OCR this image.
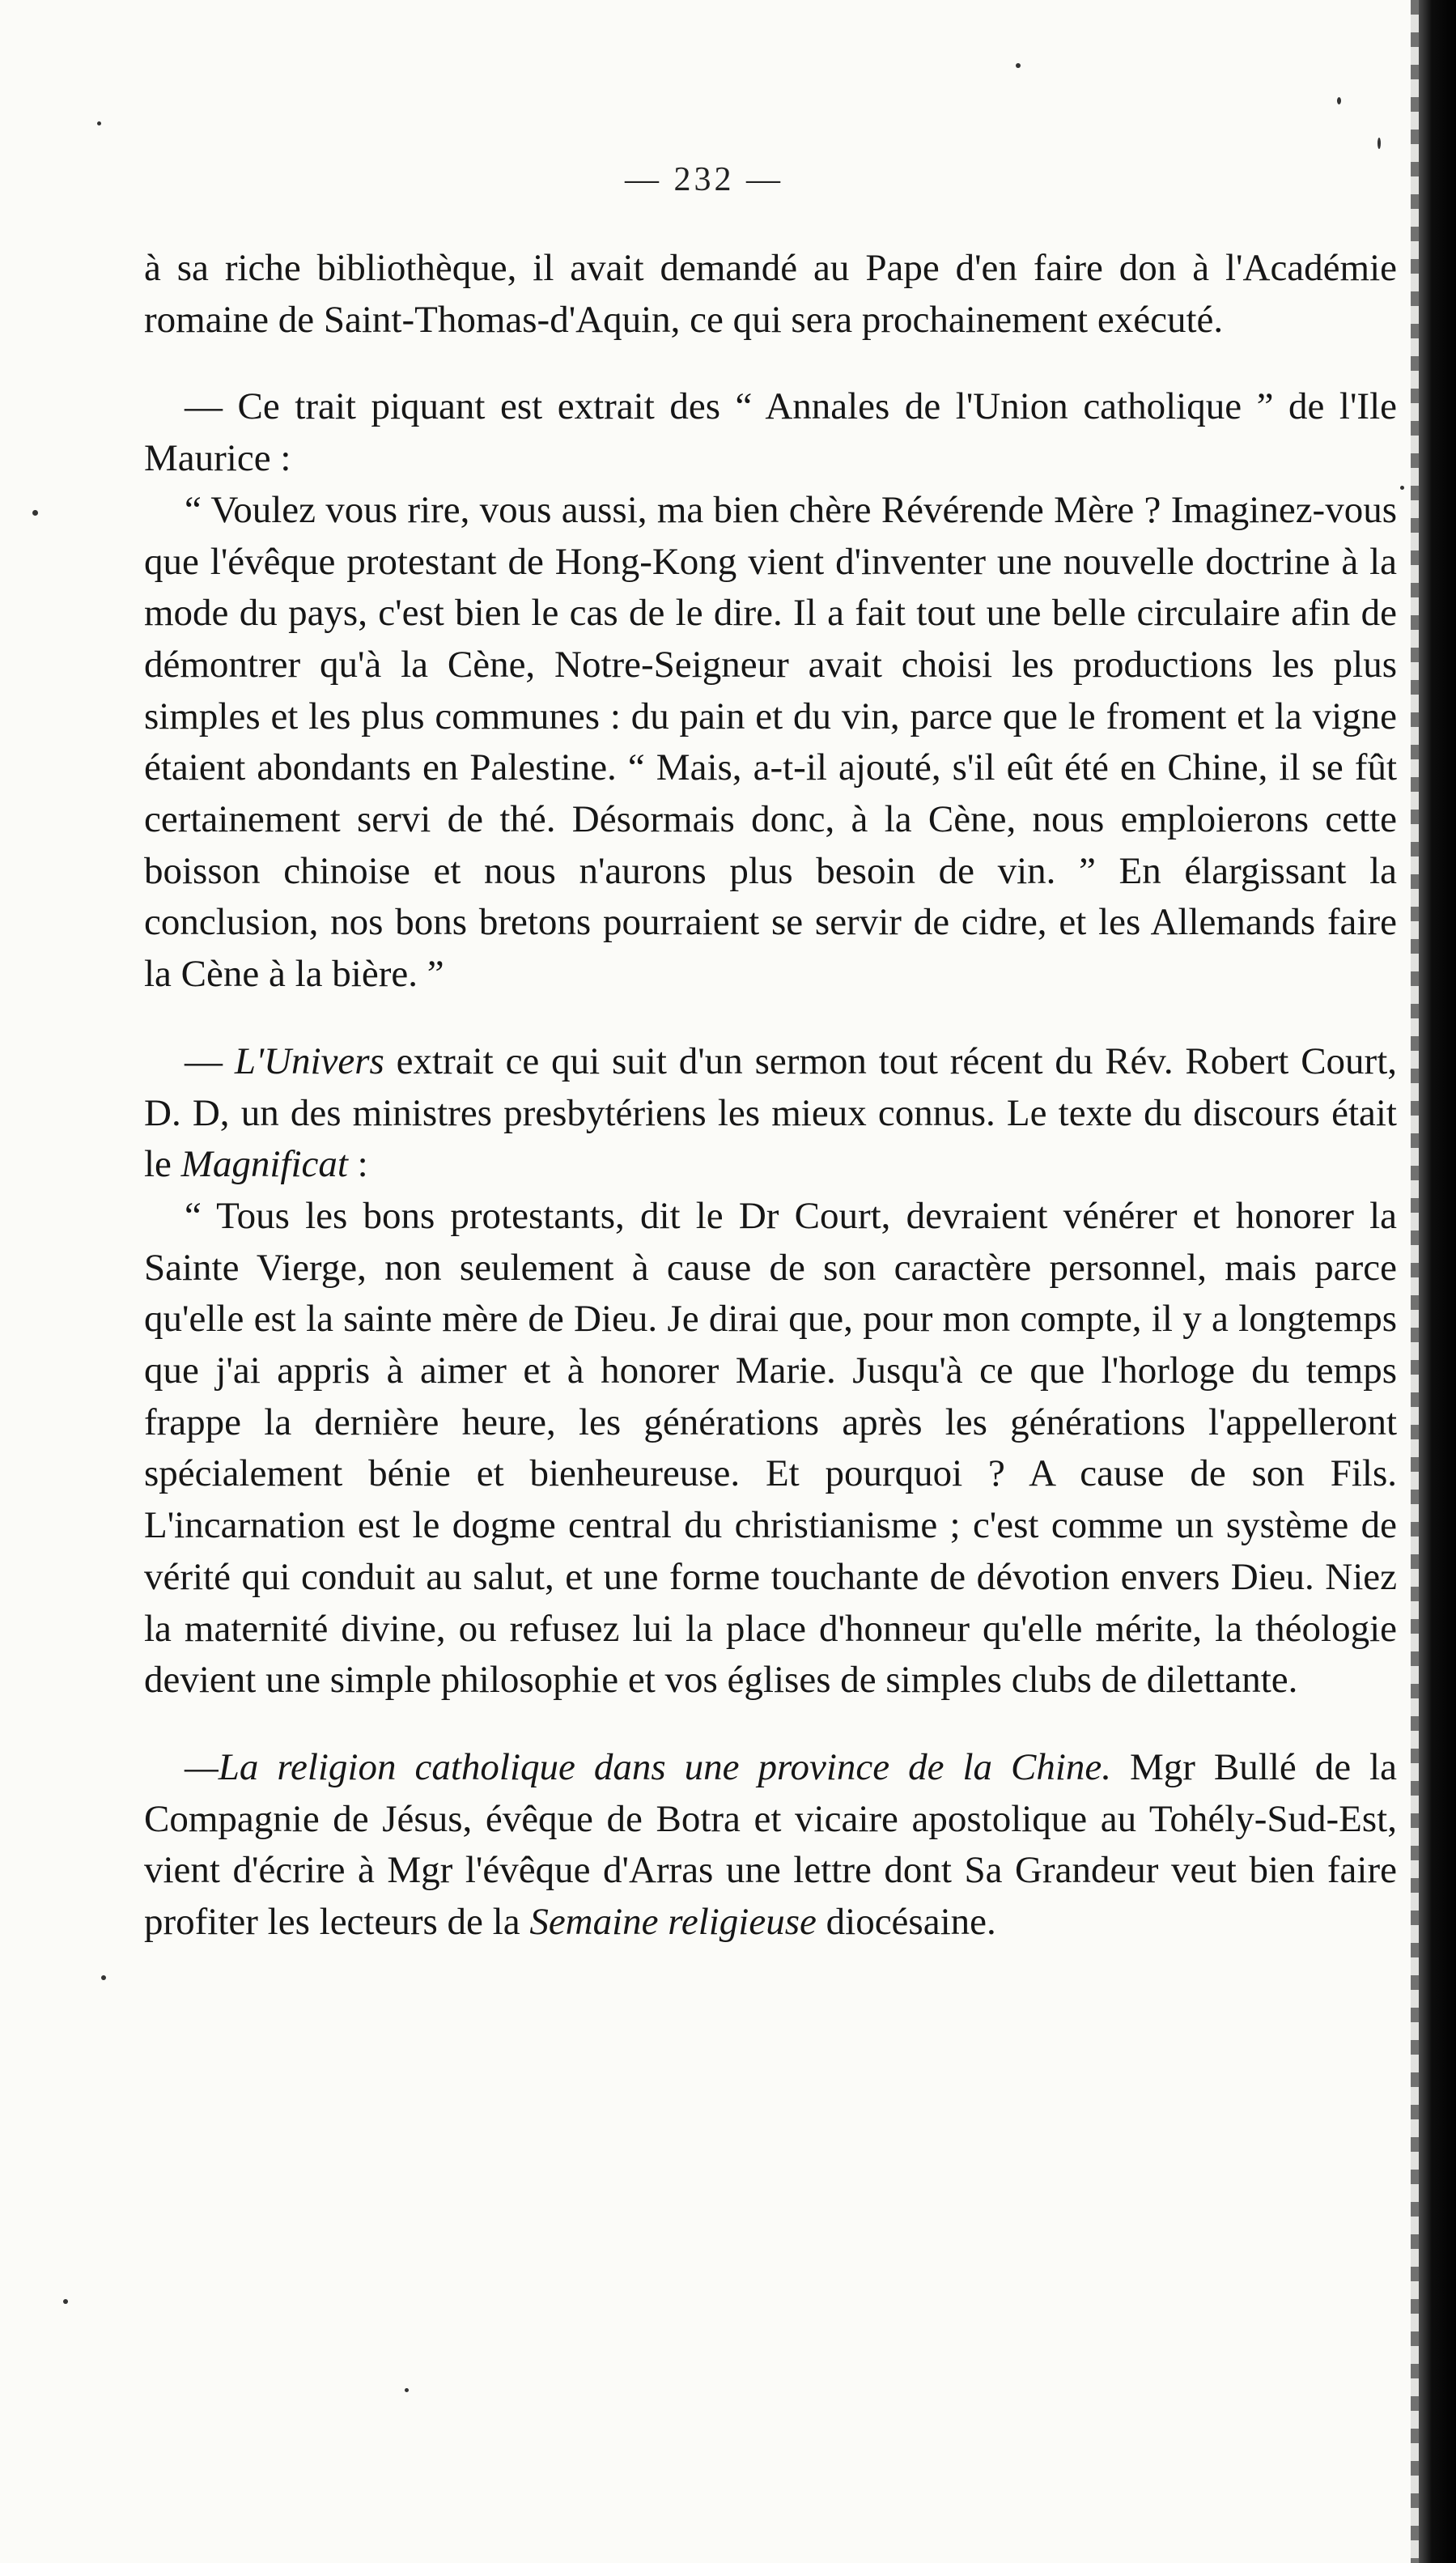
— 232 —

à sa riche bibliothèque, il avait demandé au Pape d'en faire don à l'Académie romaine de Saint-Thomas-d'Aquin, ce qui sera prochainement exécuté.

— Ce trait piquant est extrait des “ Annales de l'Union catholique ” de l'Ile Maurice :

“ Voulez vous rire, vous aussi, ma bien chère Révérende Mère ? Imaginez-vous que l'évêque protestant de Hong-Kong vient d'inventer une nouvelle doctrine à la mode du pays, c'est bien le cas de le dire. Il a fait tout une belle circulaire afin de démontrer qu'à la Cène, Notre-Seigneur avait choisi les productions les plus simples et les plus communes : du pain et du vin, parce que le froment et la vigne étaient abondants en Palestine. “ Mais, a-t-il ajouté, s'il eût été en Chine, il se fût certainement servi de thé. Désormais donc, à la Cène, nous emploierons cette boisson chinoise et nous n'aurons plus besoin de vin. ” En élargissant la conclusion, nos bons bretons pourraient se servir de cidre, et les Allemands faire la Cène à la bière. ”

— L'Univers extrait ce qui suit d'un sermon tout récent du Rév. Robert Court, D. D, un des ministres presbytériens les mieux connus. Le texte du discours était le Magnificat :

“ Tous les bons protestants, dit le Dr Court, devraient vénérer et honorer la Sainte Vierge, non seulement à cause de son caractère personnel, mais parce qu'elle est la sainte mère de Dieu. Je dirai que, pour mon compte, il y a longtemps que j'ai appris à aimer et à honorer Marie. Jusqu'à ce que l'horloge du temps frappe la dernière heure, les générations après les générations l'appelleront spécialement bénie et bienheureuse. Et pourquoi ? A cause de son Fils. L'incarnation est le dogme central du christianisme ; c'est comme un système de vérité qui conduit au salut, et une forme touchante de dévotion envers Dieu. Niez la maternité divine, ou refusez lui la place d'honneur qu'elle mérite, la théologie devient une simple philosophie et vos églises de simples clubs de dilettante.

—La religion catholique dans une province de la Chine. Mgr Bullé de la Compagnie de Jésus, évêque de Botra et vicaire apostolique au Tohély-Sud-Est, vient d'écrire à Mgr l'évêque d'Arras une lettre dont Sa Grandeur veut bien faire profiter les lecteurs de la Semaine religieuse diocésaine.
